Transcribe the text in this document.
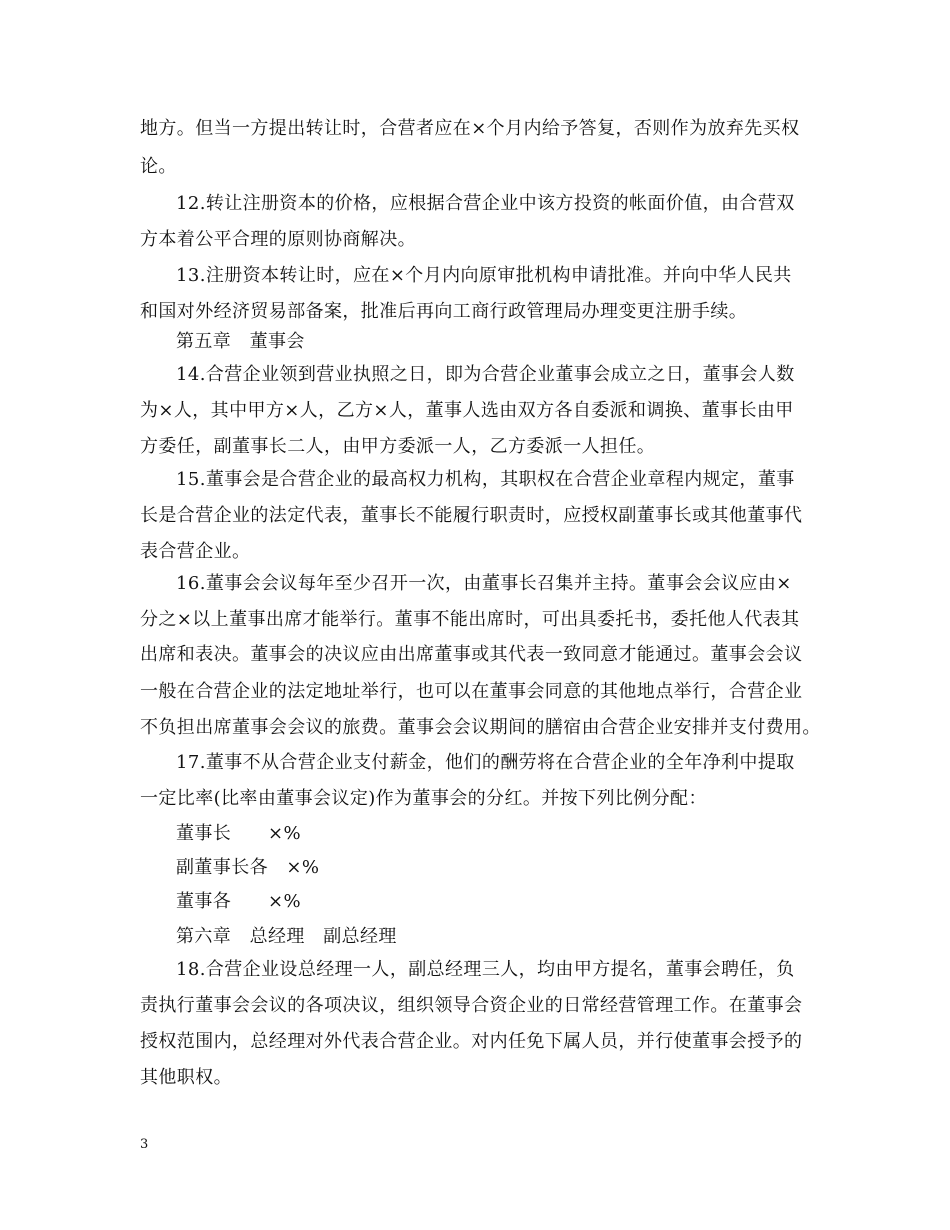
地方。但当一方提出转让时，合营者应在×个月内给予答复，否则作为放弃先买权
论。
12.转让注册资本的价格，应根据合营企业中该方投资的帐面价值，由合营双
方本着公平合理的原则协商解决。
13.注册资本转让时，应在×个月内向原审批机构申请批准。并向中华人民共
和国对外经济贸易部备案，批准后再向工商行政管理局办理变更注册手续。
第五章　董事会
14.合营企业领到营业执照之日，即为合营企业董事会成立之日，董事会人数
为×人，其中甲方×人，乙方×人，董事人选由双方各自委派和调换、董事长由甲
方委任，副董事长二人，由甲方委派一人，乙方委派一人担任。
15.董事会是合营企业的最高权力机构，其职权在合营企业章程内规定，董事
长是合营企业的法定代表，董事长不能履行职责时，应授权副董事长或其他董事代
表合营企业。
16.董事会会议每年至少召开一次，由董事长召集并主持。董事会会议应由×
分之×以上董事出席才能举行。董事不能出席时，可出具委托书，委托他人代表其
出席和表决。董事会的决议应由出席董事或其代表一致同意才能通过。董事会会议
一般在合营企业的法定地址举行，也可以在董事会同意的其他地点举行，合营企业
不负担出席董事会会议的旅费。董事会会议期间的膳宿由合营企业安排并支付费用。
17.董事不从合营企业支付薪金，他们的酬劳将在合营企业的全年净利中提取
一定比率(比率由董事会议定)作为董事会的分红。并按下列比例分配：
董事长　　×%
副董事长各　×%
董事各　　×%
第六章　总经理　副总经理
18.合营企业设总经理一人，副总经理三人，均由甲方提名，董事会聘任，负
责执行董事会会议的各项决议，组织领导合资企业的日常经营管理工作。在董事会
授权范围内，总经理对外代表合营企业。对内任免下属人员，并行使董事会授予的
其他职权。
3
